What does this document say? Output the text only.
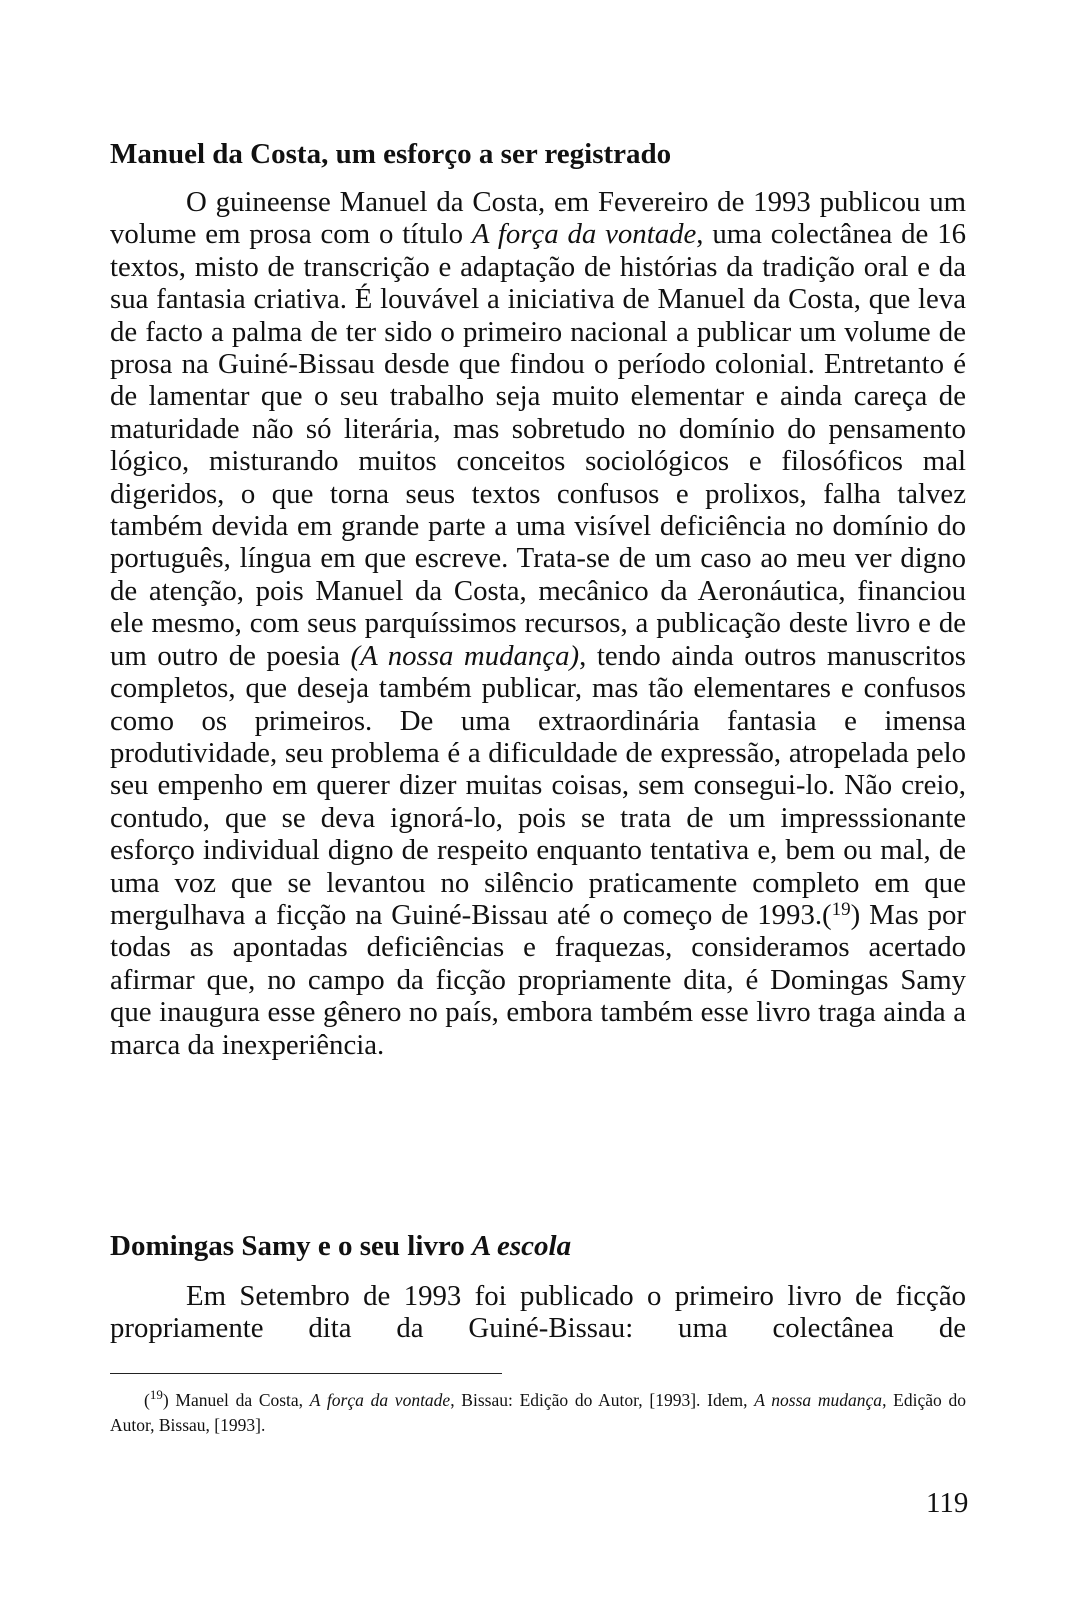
Manuel da Costa, um esforço a ser registrado

O guineense Manuel da Costa, em Fevereiro de 1993 publicou um volume em prosa com o título A força da vontade, uma colectânea de 16 textos, misto de transcrição e adaptação de histórias da tradição oral e da sua fantasia criativa. É louvável a iniciativa de Manuel da Costa, que leva de facto a palma de ter sido o primeiro nacional a publicar um volume de prosa na Guiné-Bissau desde que findou o período colonial. Entretanto é de lamentar que o seu trabalho seja muito elementar e ainda careça de maturidade não só literária, mas sobretudo no domínio do pensamento lógico, misturando muitos conceitos sociológicos e filosóficos mal digeridos, o que torna seus textos confusos e prolixos, falha talvez também devida em grande parte a uma visível deficiência no domínio do português, língua em que escreve. Trata-se de um caso ao meu ver digno de atenção, pois Manuel da Costa, mecânico da Aeronáutica, financiou ele mesmo, com seus parquíssimos recursos, a publicação deste livro e de um outro de poesia (A nossa mudança), tendo ainda outros manuscritos completos, que deseja também publicar, mas tão elementares e confusos como os primeiros. De uma extraordinária fantasia e imensa produtividade, seu problema é a dificuldade de expressão, atropelada pelo seu empenho em querer dizer muitas coisas, sem consegui-lo. Não creio, contudo, que se deva ignorá-lo, pois se trata de um impresssionante esforço individual digno de respeito enquanto tentativa e, bem ou mal, de uma voz que se levantou no silêncio praticamente completo em que mergulhava a ficção na Guiné-Bissau até o começo de 1993.($^{19}$) Mas por todas as apontadas deficiências e fraquezas, consideramos acertado afirmar que, no campo da ficção propriamente dita, é Domingas Samy que inaugura esse gênero no país, embora também esse livro traga ainda a marca da inexperiência.

Domingas Samy e o seu livro A escola

Em Setembro de 1993 foi publicado o primeiro livro de ficção propriamente dita da Guiné-Bissau: uma colectânea de

($^{19}$) Manuel da Costa, A força da vontade, Bissau: Edição do Autor, [1993]. Idem, A nossa mudança, Edição do Autor, Bissau, [1993].
119
